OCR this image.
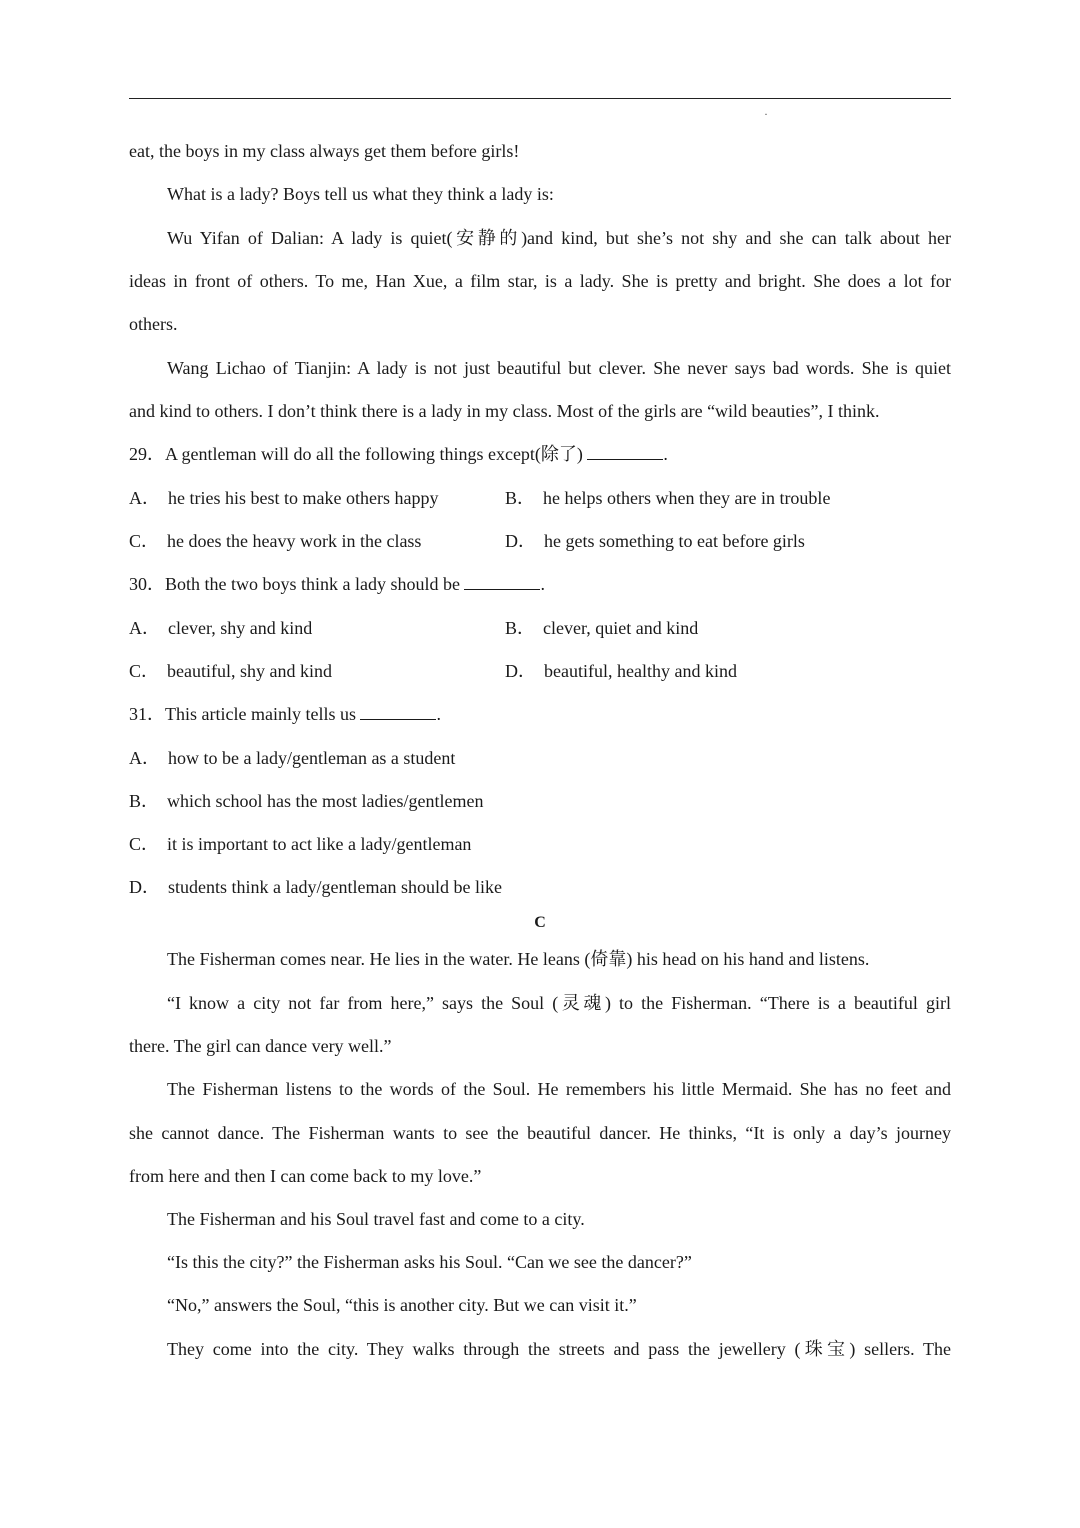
·
eat, the boys in my class always get them before girls!
What is a lady? Boys tell us what they think a lady is:
Wu Yifan of Dalian: A lady is quiet(安静的)and kind, but she’s not shy and she can talk about her
ideas in front of others. To me, Han Xue, a film star, is a lady. She is pretty and bright. She does a lot for
others.
Wang Lichao of Tianjin: A lady is not just beautiful but clever. She never says bad words. She is quiet
and kind to others. I don’t think there is a lady in my class. Most of the girls are “wild beauties”, I think.
29．A gentleman will do all the following things except(除了)	.
A． he tries his best to make others happy	B． he helps others when they are in trouble
C． he does the heavy work in the class	D． he gets something to eat before girls
30．Both the two boys think a lady should be	.
A． clever, shy and kind	B． clever, quiet and kind
C． beautiful, shy and kind	D． beautiful, healthy and kind
31．This article mainly tells us	.
A． how to be a lady/gentleman as a student
B． which school has the most ladies/gentlemen
C． it is important to act like a lady/gentleman
D． students think a lady/gentleman should be like
C
The Fisherman comes near. He lies in the water. He leans (倚靠) his head on his hand and listens.
“I know a city not far from here,” says the Soul (灵魂) to the Fisherman. “There is a beautiful girl
there. The girl can dance very well.”
The Fisherman listens to the words of the Soul. He remembers his little Mermaid. She has no feet and
she cannot dance. The Fisherman wants to see the beautiful dancer. He thinks, “It is only a day’s journey
from here and then I can come back to my love.”
The Fisherman and his Soul travel fast and come to a city.
“Is this the city?” the Fisherman asks his Soul. “Can we see the dancer?”
“No,” answers the Soul, “this is another city. But we can visit it.”
They come into the city. They walks through the streets and pass the jewellery (珠宝) sellers. The
